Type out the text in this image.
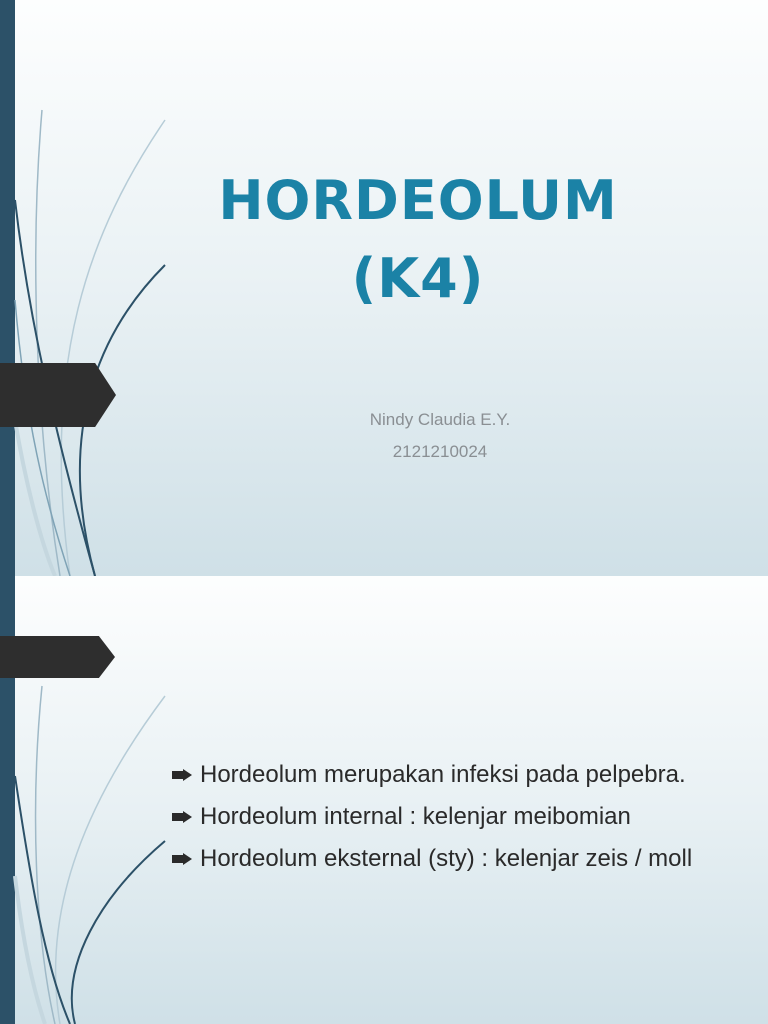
HORDEOLUM
(K4)
Nindy Claudia E.Y.
2121210024
Hordeolum merupakan infeksi pada pelpebra.
Hordeolum internal : kelenjar meibomian
Hordeolum eksternal (sty) : kelenjar zeis / moll
